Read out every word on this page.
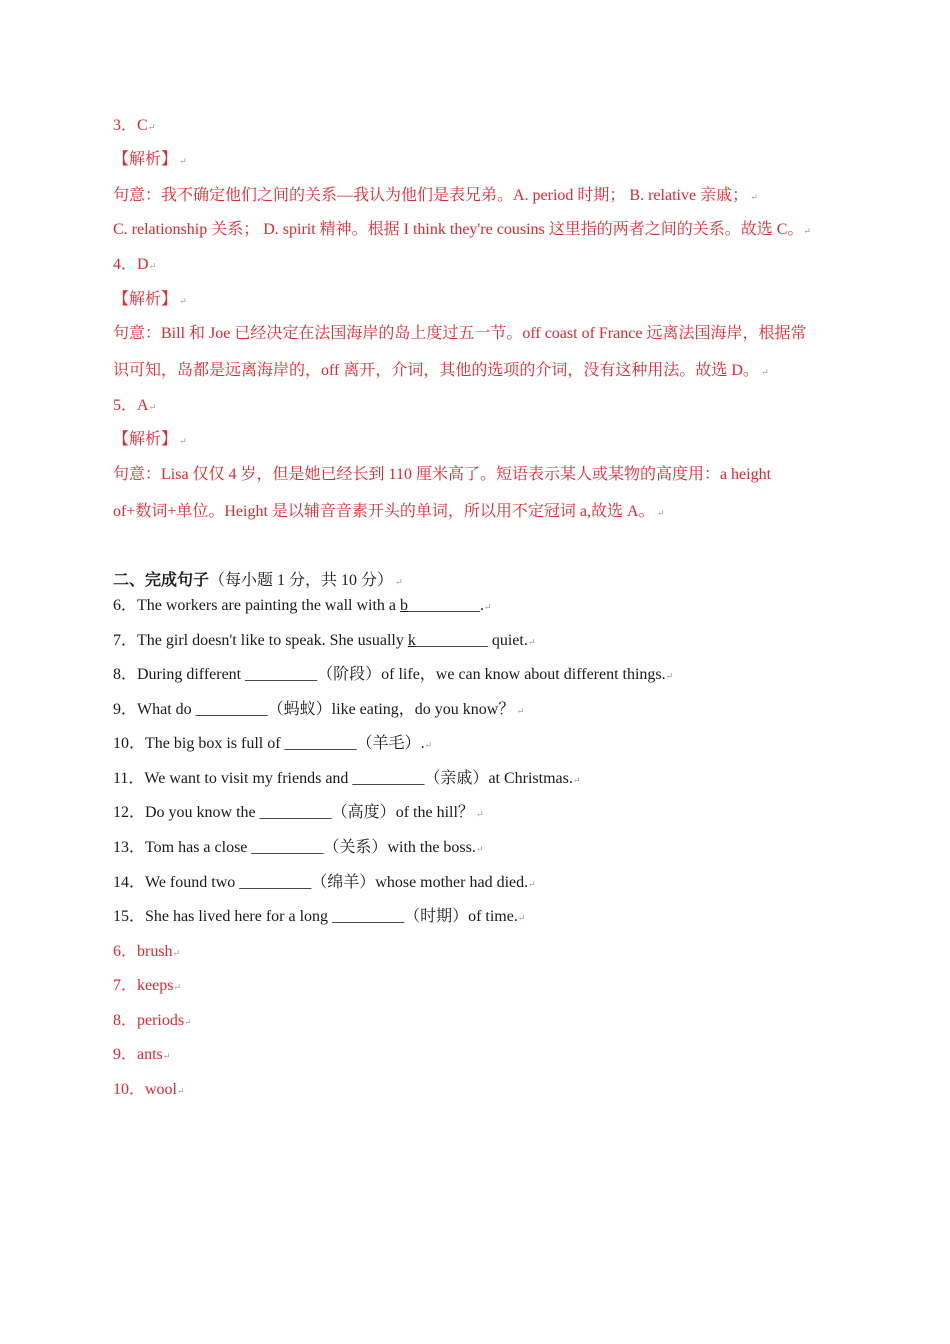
3．C↵
【解析】 ↵
句意：我不确定他们之间的关系—我认为他们是表兄弟。A. period 时期； B. relative 亲戚； ↵
C. relationship 关系； D. spirit 精神。根据 I think they're cousins 这里指的两者之间的关系。故选 C。↵
4．D↵
【解析】 ↵
句意：Bill 和 Joe 已经决定在法国海岸的岛上度过五一节。off coast of France 远离法国海岸，根据常
识可知，岛都是远离海岸的，off 离开，介词，其他的选项的介词，没有这种用法。故选 D。 ↵
5．A↵
【解析】 ↵
句意：Lisa 仅仅 4 岁，但是她已经长到 110 厘米高了。短语表示某人或某物的高度用：a height
of+数词+单位。Height 是以辅音音素开头的单词，所以用不定冠词 a,故选 A。 ↵
二、完成句子（每小题 1 分，共 10 分） ↵
6．The workers are painting the wall with a b_________.↵
7．The girl doesn't like to speak. She usually k_________ quiet.↵
8．During different _________（阶段）of life，we can know about different things.↵
9．What do _________（蚂蚁）like eating，do you know？ ↵
10．The big box is full of _________（羊毛）.↵
11．We want to visit my friends and _________（亲戚）at Christmas.↵
12．Do you know the _________（高度）of the hill？ ↵
13．Tom has a close _________（关系）with the boss.↵
14．We found two _________（绵羊）whose mother had died.↵
15．She has lived here for a long _________（时期）of time.↵
6．brush↵
7．keeps↵
8．periods↵
9．ants↵
10．wool↵
